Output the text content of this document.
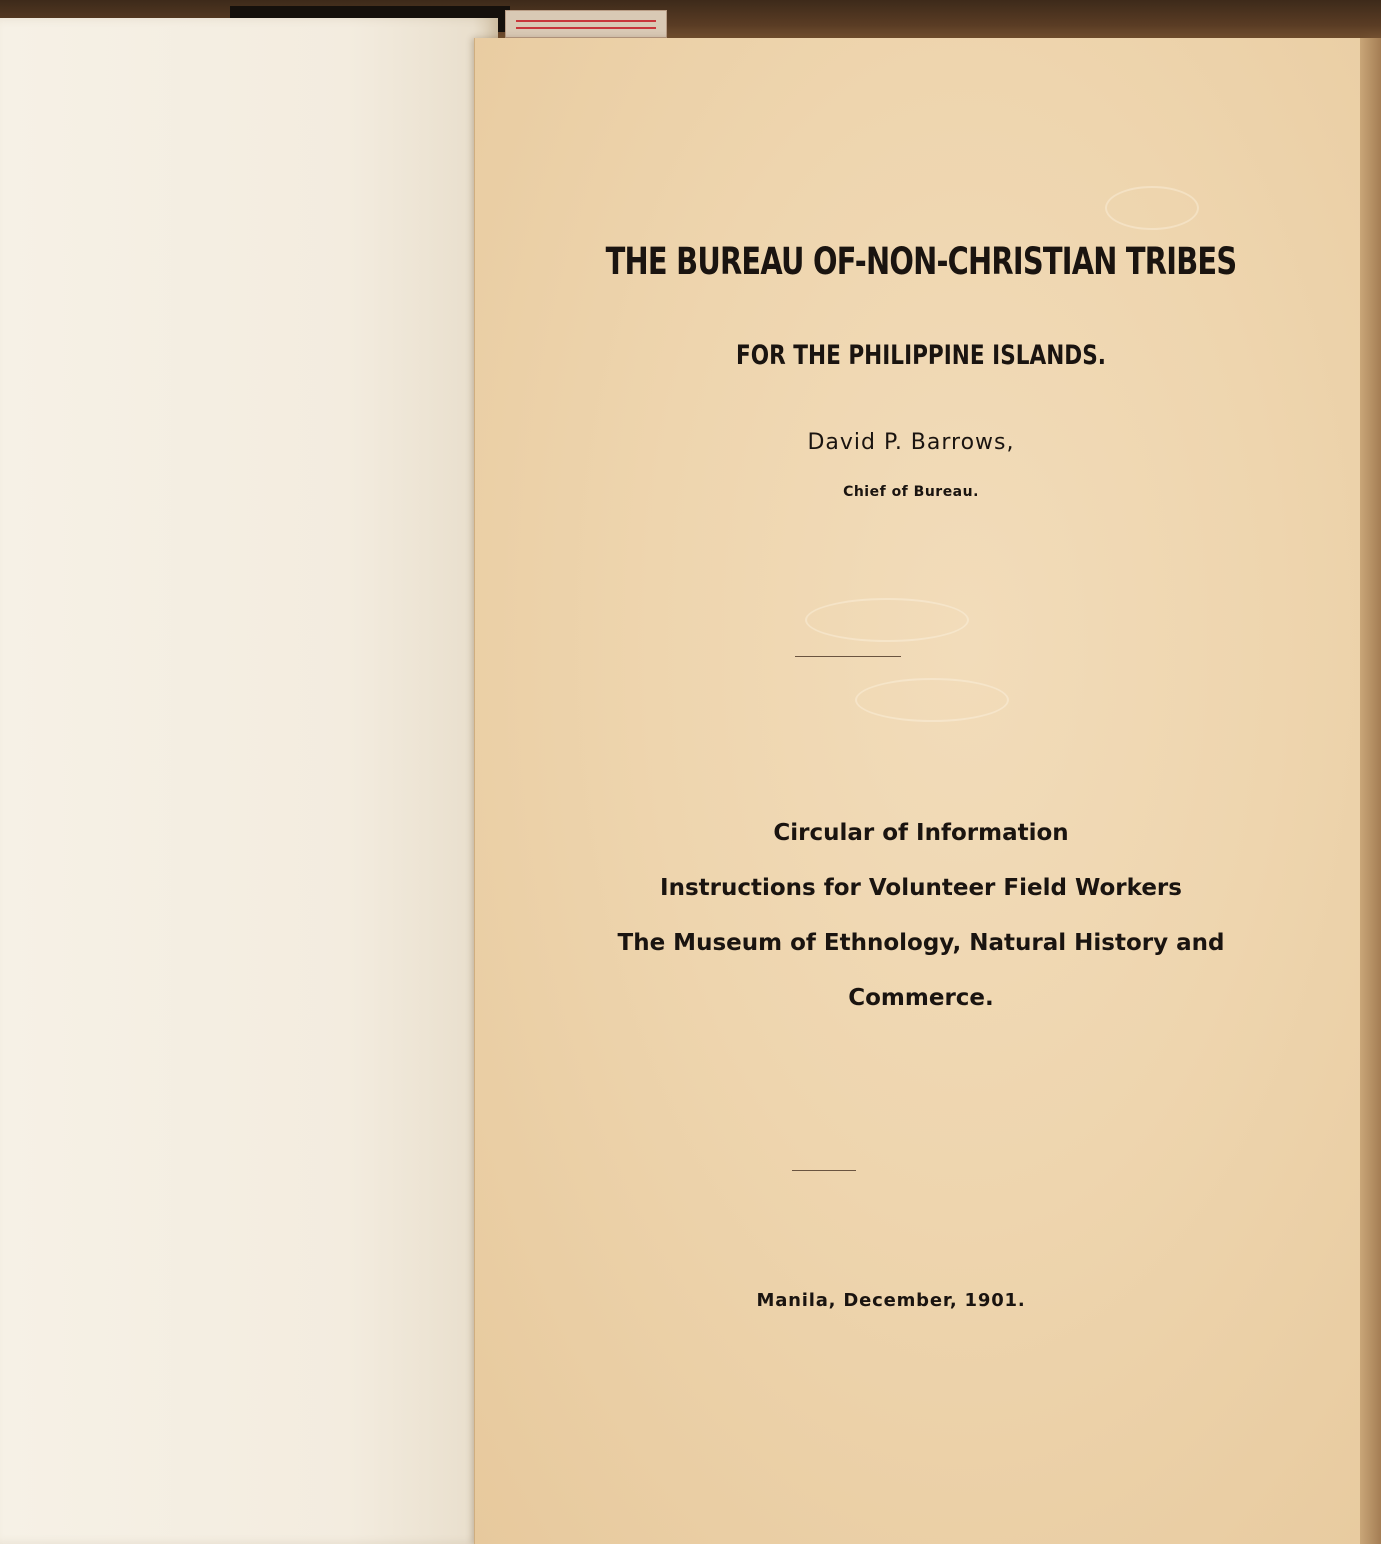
THE BUREAU OF-NON-CHRISTIAN TRIBES
FOR THE PHILIPPINE ISLANDS.

David P. Barrows,

Chief of Bureau.

Circular of Information
Instructions for Volunteer Field Workers
The Museum of Ethnology, Natural History and
Commerce.

Manila, December, 1901.
